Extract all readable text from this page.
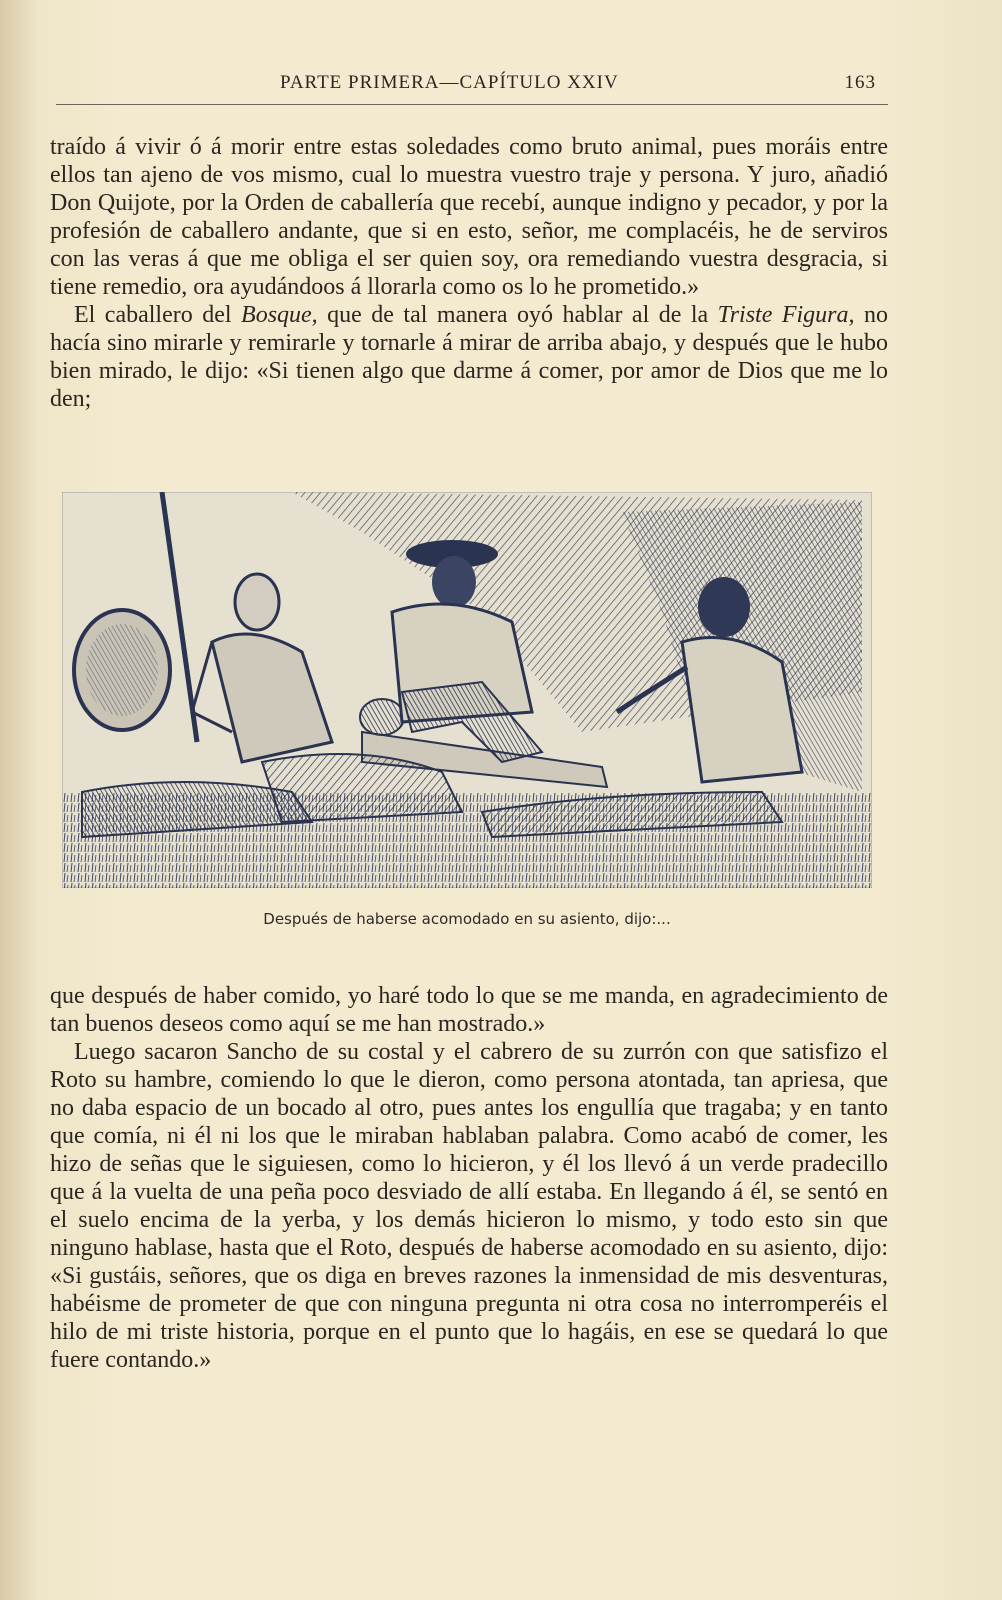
PARTE PRIMERA—CAPÍTULO XXIV	163

traído á vivir ó á morir entre estas soledades como bruto animal, pues moráis entre ellos tan ajeno de vos mismo, cual lo muestra vuestro traje y persona. Y juro, añadió Don Quijote, por la Orden de caballería que recebí, aunque indigno y pecador, y por la profesión de caballero andante, que si en esto, señor, me complacéis, he de serviros con las veras á que me obliga el ser quien soy, ora remediando vuestra desgracia, si tiene remedio, ora ayudándoos á llorarla como os lo he prometido.»

El caballero del Bosque, que de tal manera oyó hablar al de la Triste Figura, no hacía sino mirarle y remirarle y tornarle á mirar de arriba abajo, y después que le hubo bien mirado, le dijo: «Si tienen algo que darme á comer, por amor de Dios que me lo den;

Después de haberse acomodado en su asiento, dijo:...

que después de haber comido, yo haré todo lo que se me manda, en agradecimiento de tan buenos deseos como aquí se me han mostrado.»

Luego sacaron Sancho de su costal y el cabrero de su zurrón con que satisfizo el Roto su hambre, comiendo lo que le dieron, como persona atontada, tan apriesa, que no daba espacio de un bocado al otro, pues antes los engullía que tragaba; y en tanto que comía, ni él ni los que le miraban hablaban palabra. Como acabó de comer, les hizo de señas que le siguiesen, como lo hicieron, y él los llevó á un verde pradecillo que á la vuelta de una peña poco desviado de allí estaba. En llegando á él, se sentó en el suelo encima de la yerba, y los demás hicieron lo mismo, y todo esto sin que ninguno hablase, hasta que el Roto, después de haberse acomodado en su asiento, dijo: «Si gustáis, señores, que os diga en breves razones la inmensidad de mis desventuras, habéisme de prometer de que con ninguna pregunta ni otra cosa no interromperéis el hilo de mi triste historia, porque en el punto que lo hagáis, en ese se quedará lo que fuere contando.»
